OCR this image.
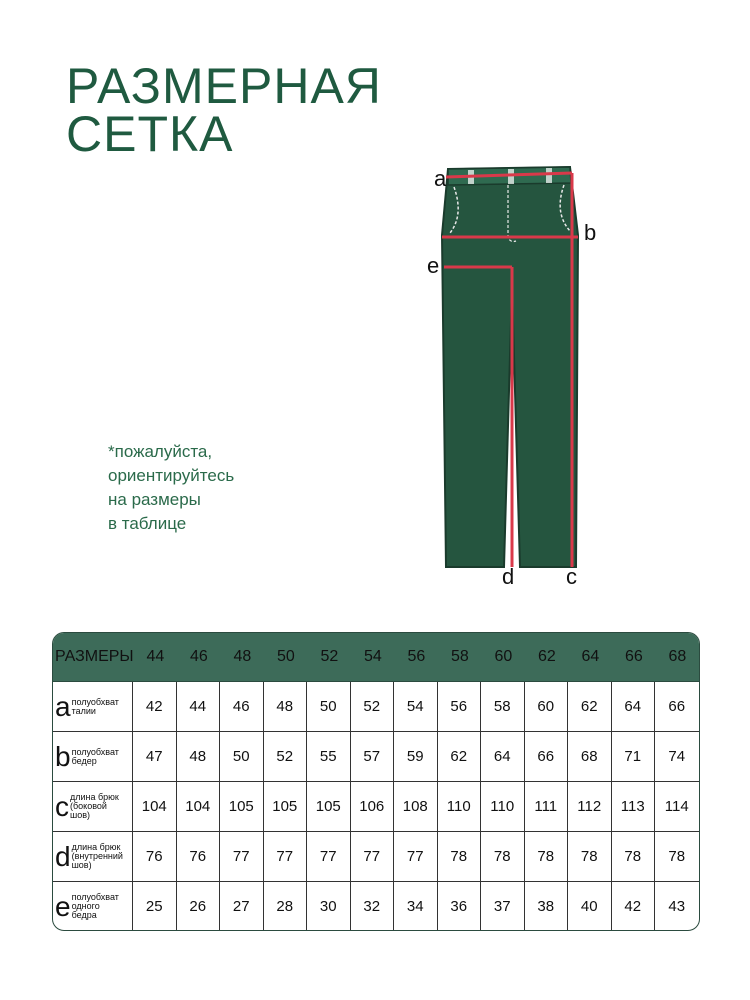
РАЗМЕРНАЯ
СЕТКА
*пожалуйста,
ориентируйтесь
на размеры
в таблице
a
b
e
d c
РАЗМЕРЫ 44	46	48	50	52	54	56	58	60	62	64	66	68
a полуобхват
талии	42	44	46	48	50	52	54	56	58	60	62	64	66
b полуобхват
бедер	47	48	50	52	55	57	59	62	64	66	68	71	74
c длина брюк
(боковой
шов)	104	104	105	105	105	106	108	110	110	111	112	113	114
d длина брюк
(внутренний
шов)	76	76	77	77	77	77	77	78	78	78	78	78	78
e полуобхват
одного
бедра	25	26	27	28	30	32	34	36	37	38	40	42	43
